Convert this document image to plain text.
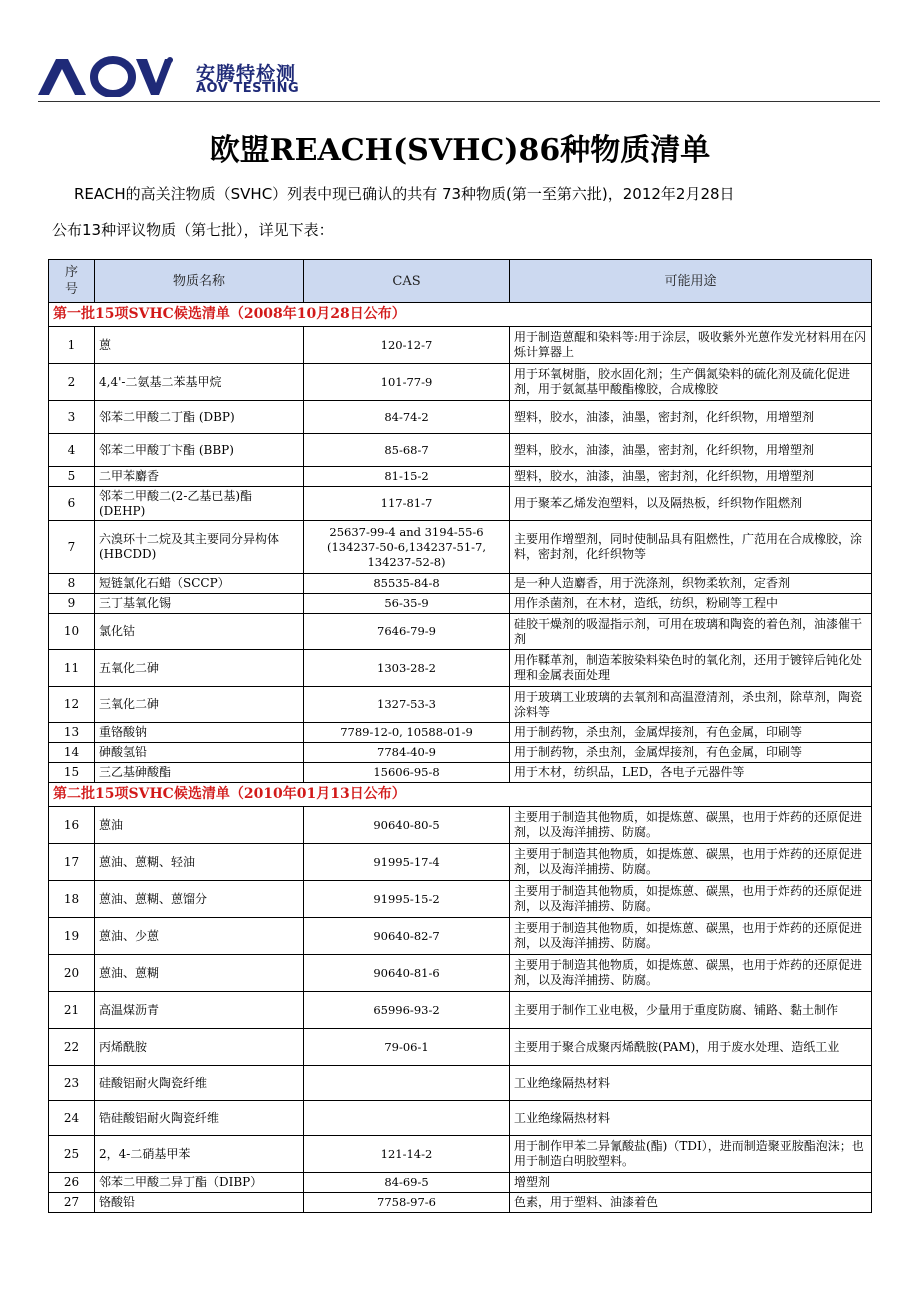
安腾特检测
AOV TESTING
欧盟REACH(SVHC)86种物质清单
REACH的高关注物质（SVHC）列表中现已确认的共有 73种物质(第一至第六批)，2012年2月28日
公布13种评议物质（第七批），详见下表：
序号	物质名称	CAS	可能用途
第一批15项SVHC候选清单（2008年10月28日公布）			
1	蒽	120-12-7	用于制造蒽醌和染料等:用于涂层，吸收紫外光蒽作发光材料用在闪烁计算器上
2	4,4'-二氨基二苯基甲烷	101-77-9	用于环氧树脂，胶水固化剂；生产偶氮染料的硫化剂及硫化促进剂，用于氨氮基甲酸酯橡胶，合成橡胶
3	邻苯二甲酸二丁酯 (DBP)	84-74-2	塑料，胶水，油漆，油墨，密封剂，化纤织物，用增塑剂
4	邻苯二甲酸丁卞酯 (BBP)	85-68-7	塑料，胶水，油漆，油墨，密封剂，化纤织物，用增塑剂
5	二甲苯麝香	81-15-2	塑料，胶水，油漆，油墨，密封剂，化纤织物，用增塑剂
6	邻苯二甲酸二(2-乙基已基)酯 (DEHP)	117-81-7	用于聚苯乙烯发泡塑料，以及隔热板，纤织物作阻燃剂
7	六溴环十二烷及其主要同分异构体(HBCDD)	25637-99-4 and 3194-55-6 (134237-50-6,134237-51-7, 134237-52-8)	主要用作增塑剂，同时使制品具有阻燃性，广范用在合成橡胶，涂料，密封剂，化纤织物等
8	短链氯化石蜡（SCCP）	85535-84-8	是一种人造麝香，用于洗涤剂，织物柔软剂，定香剂
9	三丁基氧化锡	56-35-9	用作杀菌剂，在木材，造纸，纺织，粉刷等工程中
10	氯化钴	7646-79-9	硅胶干燥剂的吸湿指示剂，可用在玻璃和陶瓷的着色剂，油漆催干剂
11	五氧化二砷	1303-28-2	用作鞣革剂，制造苯胺染料染色时的氧化剂，还用于镀锌后钝化处理和金属表面处理
12	三氧化二砷	1327-53-3	用于玻璃工业玻璃的去氧剂和高温澄清剂，杀虫剂，除草剂，陶瓷涂料等
13	重铬酸钠	7789-12-0, 10588-01-9	用于制药物，杀虫剂，金属焊接剂，有色金属，印刷等
14	砷酸氢铅	7784-40-9	用于制药物，杀虫剂，金属焊接剂，有色金属，印刷等
15	三乙基砷酸酯	15606-95-8	用于木材，纺织品，LED，各电子元器件等
第二批15项SVHC候选清单（2010年01月13日公布）			
16	蒽油	90640-80-5	主要用于制造其他物质，如提炼蒽、碳黑，也用于炸药的还原促进剂，以及海洋捕捞、防腐。
17	蒽油、蒽糊、轻油	91995-17-4	主要用于制造其他物质，如提炼蒽、碳黑，也用于炸药的还原促进剂，以及海洋捕捞、防腐。
18	蒽油、蒽糊、蒽馏分	91995-15-2	主要用于制造其他物质，如提炼蒽、碳黑，也用于炸药的还原促进剂，以及海洋捕捞、防腐。
19	蒽油、少蒽	90640-82-7	主要用于制造其他物质，如提炼蒽、碳黑，也用于炸药的还原促进剂，以及海洋捕捞、防腐。
20	蒽油、蒽糊	90640-81-6	主要用于制造其他物质，如提炼蒽、碳黑，也用于炸药的还原促进剂，以及海洋捕捞、防腐。
21	高温煤沥青	65996-93-2	主要用于制作工业电极，少量用于重度防腐、铺路、黏土制作
22	丙烯酰胺	79-06-1	主要用于聚合成聚丙烯酰胺(PAM)，用于废水处理、造纸工业
23	硅酸铝耐火陶瓷纤维		工业绝缘隔热材料
24	锆硅酸铝耐火陶瓷纤维		工业绝缘隔热材料
25	2，4-二硝基甲苯	121-14-2	用于制作甲苯二异氰酸盐(酯)（TDI），进而制造聚亚胺酯泡沫；也用于制造白明胶塑料。
26	邻苯二甲酸二异丁酯（DIBP）	84-69-5	增塑剂
27	铬酸铅	7758-97-6	色素，用于塑料、油漆着色
